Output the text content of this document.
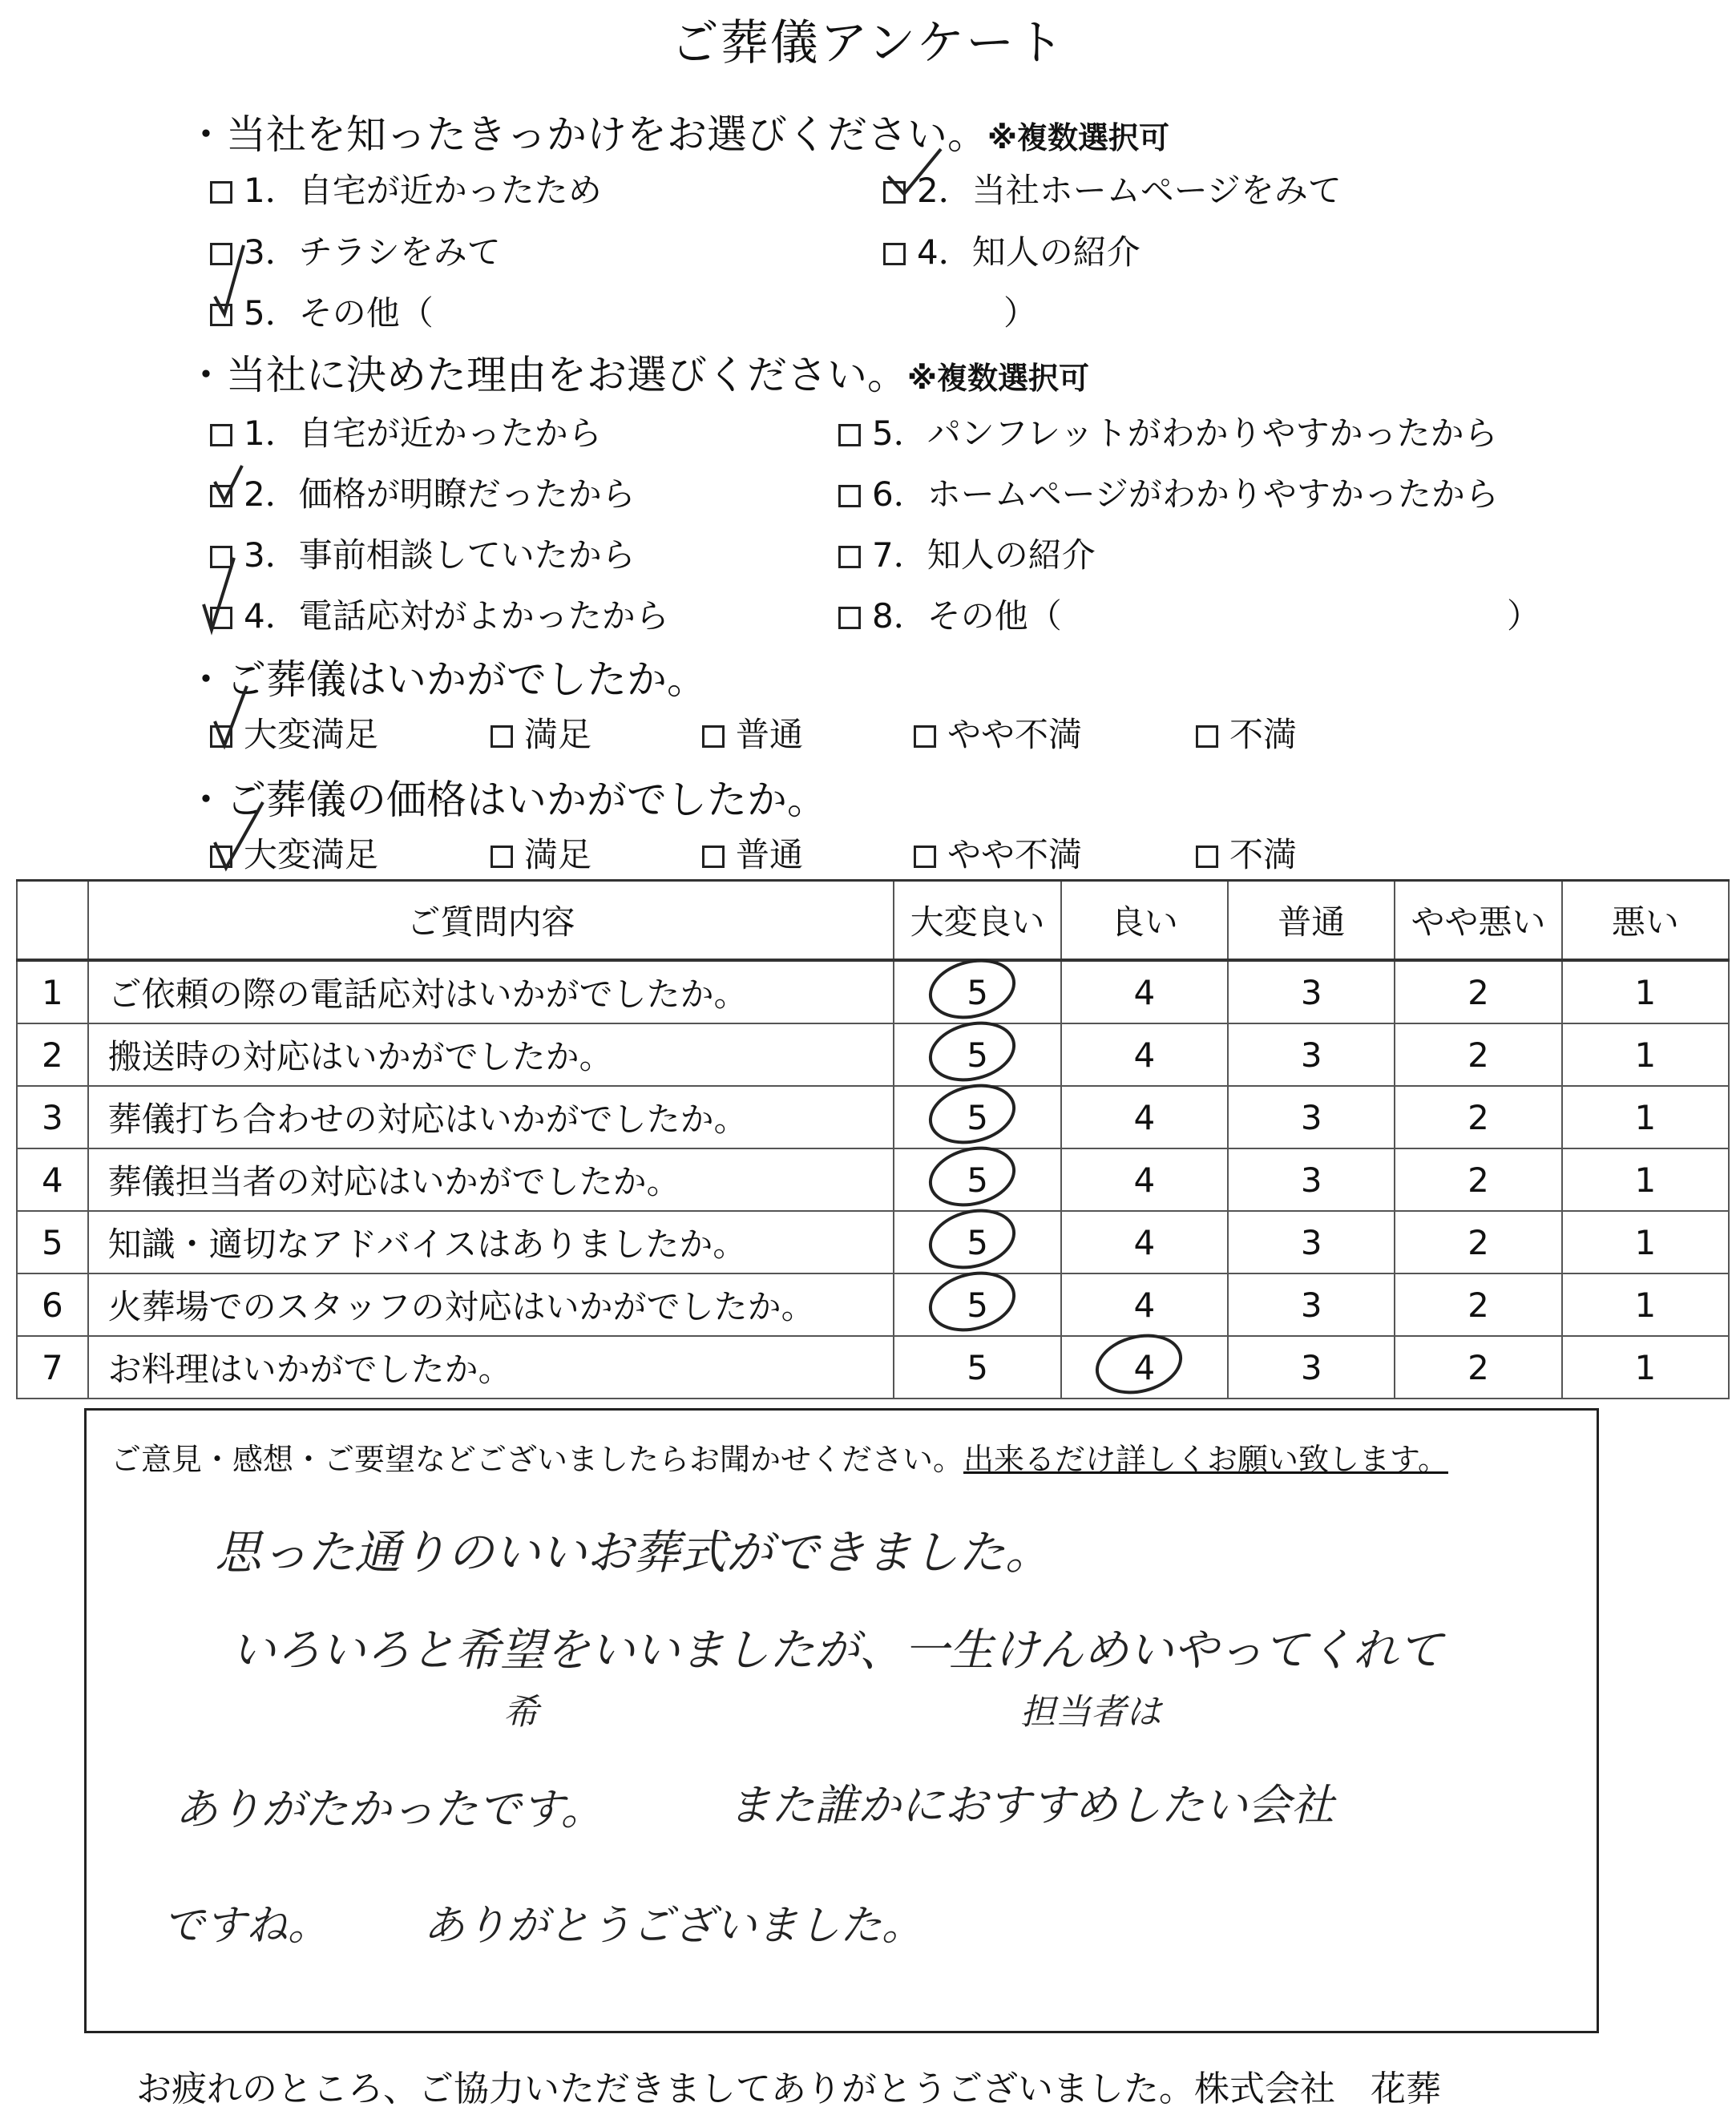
ご葬儀アンケート
・当社を知ったきっかけをお選びください。※複数選択可
1．自宅が近かったため	2．当社ホームページをみて
3．チラシをみて	4．知人の紹介
5．その他（	）
・当社に決めた理由をお選びください。※複数選択可
1．自宅が近かったから	5．パンフレットがわかりやすかったから
2．価格が明瞭だったから	6．ホームページがわかりやすかったから
3．事前相談していたから	7．知人の紹介
4．電話応対がよかったから	8．その他（	）
・ご葬儀はいかがでしたか。
大変満足	満足	普通	やや不満	不満
・ご葬儀の価格はいかがでしたか。
大変満足	満足	普通	やや不満	不満
	ご質問内容	大変良い	良い	普通	やや悪い	悪い
1	ご依頼の際の電話応対はいかがでしたか。	5	4	3	2	1
2	搬送時の対応はいかがでしたか。	5	4	3	2	1
3	葬儀打ち合わせの対応はいかがでしたか。	5	4	3	2	1
4	葬儀担当者の対応はいかがでしたか。	5	4	3	2	1
5	知識・適切なアドバイスはありましたか。	5	4	3	2	1
6	火葬場でのスタッフの対応はいかがでしたか。	5	4	3	2	1
7	お料理はいかがでしたか。	5	4	3	2	1
ご意見・感想・ご要望などございましたらお聞かせください。出来るだけ詳しくお願い致します。
思った通りのいいお葬式ができました。
いろいろと希望をいいましたが、一生けんめいやってくれて
希	担当者は
ありがたかったです。	また誰かにおすすめしたい会社
ですね。 ありがとうございました。
お疲れのところ、ご協力いただきましてありがとうございました。株式会社　花葬
